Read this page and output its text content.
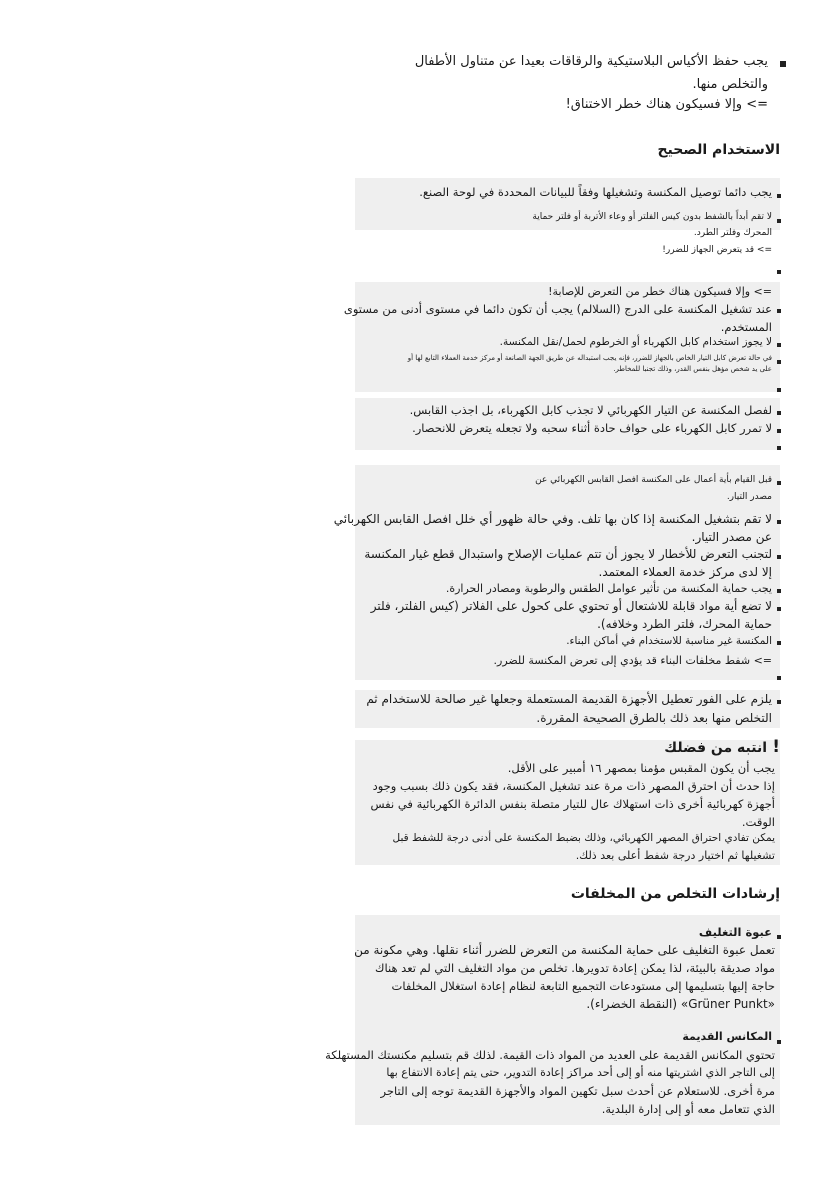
يجب حفظ الأكياس البلاستيكية والرقاقات بعيدا عن متناول الأطفال
والتخلص منها.
=> وإلا فسيكون هناك خطر الاختناق!
الاستخدام الصحيح
يجب دائما توصيل المكنسة وتشغيلها وفقاً للبيانات المحددة في لوحة الصنع.
لا تقم أبداً بالشفط بدون كيس الفلتر أو وعاء الأتربة أو فلتر حماية
المحرك وفلتر الطرد.
=> قد يتعرض الجهاز للضرر!
=> وإلا فسيكون هناك خطر من التعرض للإصابة!
عند تشغيل المكنسة على الدرج (السلالم) يجب أن تكون دائما في مستوى أدنى من مستوى
المستخدم.
لا يجوز استخدام كابل الكهرباء أو الخرطوم لحمل/نقل المكنسة.
في حالة تعرض كابل التيار الخاص بالجهاز للضرر، فإنه يجب استبداله عن طريق الجهة الصانعة أو مركز خدمة العملاء التابع لها أو
على يد شخص مؤهل بنفس القدر، وذلك تجنبا للمخاطر.
لفصل المكنسة عن التيار الكهربائي لا تجذب كابل الكهرباء، بل اجذب القابس.
لا تمرر كابل الكهرباء على حواف حادة أثناء سحبه ولا تجعله يتعرض للانحصار.
قبل القيام بأية أعمال على المكنسة افصل القابس الكهربائي عن
مصدر التيار.
لا تقم بتشغيل المكنسة إذا كان بها تلف. وفي حالة ظهور أي خلل افصل القابس الكهربائي
عن مصدر التيار.
لتجنب التعرض للأخطار لا يجوز أن تتم عمليات الإصلاح واستبدال قطع غيار المكنسة
إلا لدى مركز خدمة العملاء المعتمد.
يجب حماية المكنسة من تأثير عوامل الطقس والرطوبة ومصادر الحرارة.
لا تضع أية مواد قابلة للاشتعال أو تحتوي على كحول على الفلاتر (كيس الفلتر، فلتر
حماية المحرك، فلتر الطرد وخلافه).
المكنسة غير مناسبة للاستخدام في أماكن البناء.
=> شفط مخلفات البناء قد يؤدي إلى تعرض المكنسة للضرر.
يلزم على الفور تعطيل الأجهزة القديمة المستعملة وجعلها غير صالحة للاستخدام ثم
التخلص منها بعد ذلك بالطرق الصحيحة المقررة.
!
انتبه من فضلك
يجب أن يكون المقبس مؤمنا بمصهر ١٦ أمبير على الأقل.
إذا حدث أن احترق المصهر ذات مرة عند تشغيل المكنسة، فقد يكون ذلك بسبب وجود
أجهزة كهربائية أخرى ذات استهلاك عال للتيار متصلة بنفس الدائرة الكهربائية في نفس
الوقت.
يمكن تفادي احتراق المصهر الكهربائي، وذلك بضبط المكنسة على أدنى درجة للشفط قبل
تشغيلها ثم اختيار درجة شفط أعلى بعد ذلك.
إرشادات التخلص من المخلفات
عبوة التغليف
تعمل عبوة التغليف على حماية المكنسة من التعرض للضرر أثناء نقلها. وهي مكونة من
مواد صديقة بالبيئة، لذا يمكن إعادة تدويرها. تخلص من مواد التغليف التي لم تعد هناك
حاجة إليها بتسليمها إلى مستودعات التجميع التابعة لنظام إعادة استغلال المخلفات
«Grüner Punkt» (النقطة الخضراء).
المكانس القديمة
تحتوي المكانس القديمة على العديد من المواد ذات القيمة. لذلك قم بتسليم مكنستك المستهلكة
إلى التاجر الذي اشتريتها منه أو إلى أحد مراكز إعادة التدوير، حتى يتم إعادة الانتفاع بها
مرة أخرى. للاستعلام عن أحدث سبل تكهين المواد والأجهزة القديمة توجه إلى التاجر
الذي تتعامل معه أو إلى إدارة البلدية.
